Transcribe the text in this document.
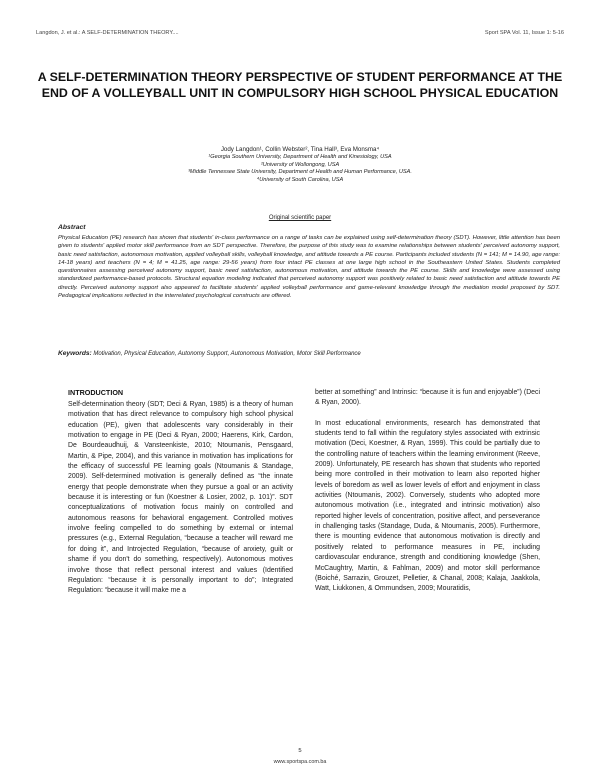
Langdon, J. et al.: A SELF-DETERMINATION THEORY....	Sport SPA Vol. 11, Issue 1: 5-16
A SELF-DETERMINATION THEORY PERSPECTIVE OF STUDENT PERFORMANCE AT THE END OF A VOLLEYBALL UNIT IN COMPULSORY HIGH SCHOOL PHYSICAL EDUCATION
Jody Langdon¹, Collin Webster², Tina Hall³, Eva Monsma⁴
¹Georgia Southern University, Department of Health and Kinesiology, USA
²University of Wollongong, USA
³Middle Tennessee State University, Department of Health and Human Performance, USA.
⁴University of South Carolina, USA
Original scientific paper
Abstract

Physical Education (PE) research has shown that students' in-class performance on a range of tasks can be explained using self-determination theory (SDT). However, little attention has been given to students' applied motor skill performance from an SDT perspective. Therefore, the purpose of this study was to examine relationships between students' perceived autonomy support, basic need satisfaction, autonomous motivation, applied volleyball skills, volleyball knowledge, and attitude towards a PE course. Participants included students (N = 141; M = 14.90, age range: 14-18 years) and teachers (N = 4; M = 41.25, age range: 29-56 years) from four intact PE classes at one large high school in the Southeastern United States. Students completed questionnaires assessing perceived autonomy support, basic need satisfaction, autonomous motivation, and attitude towards the PE course. Skills and knowledge were assessed using standardized performance-based protocols. Structural equation modeling indicated that perceived autonomy support was positively related to basic need satisfaction and attitude towards PE directly. Perceived autonomy support also appeared to facilitate students' applied volleyball performance and game-relevant knowledge through the mediation model proposed by SDT. Pedagogical implications reflected in the interrelated psychological constructs are offered.

Keywords: Motivation, Physical Education, Autonomy Support, Autonomous Motivation, Motor Skill Performance
INTRODUCTION

Self-determination theory (SDT; Deci & Ryan, 1985) is a theory of human motivation that has direct relevance to compulsory high school physical education (PE), given that adolescents vary considerably in their motivation to engage in PE (Deci & Ryan, 2000; Haerens, Kirk, Cardon, De Bourdeaudhuij, & Vansteenkiste, 2010; Ntoumanis, Pensgaard, Martin, & Pipe, 2004), and this variance in motivation has implications for the efficacy of successful PE learning goals (Ntoumanis & Standage, 2009). Self-determined motivation is generally defined as “the innate energy that people demonstrate when they pursue a goal or an activity because it is interesting or fun (Koestner & Losier, 2002, p. 101)”. SDT conceptualizations of motivation focus mainly on controlled and autonomous reasons for behavioral engagement. Controlled motives involve feeling compelled to do something by external or internal pressures (e.g., External Regulation, “because a teacher will reward me for doing it”, and Introjected Regulation, “because of anxiety, guilt or shame if you don't do something, respectively). Autonomous motives involve those that reflect personal interest and values (Identified Regulation: “because it is personally important to do”; Integrated Regulation: “because it will make me a

better at something” and Intrinsic: “because it is fun and enjoyable”) (Deci & Ryan, 2000).

In most educational environments, research has demonstrated that students tend to fall within the regulatory styles associated with extrinsic motivation (Deci, Koestner, & Ryan, 1999). This could be partially due to the controlling nature of teachers within the learning environment (Reeve, 2009). Unfortunately, PE research has shown that students who reported being more controlled in their motivation to learn also reported higher levels of boredom as well as lower levels of effort and enjoyment in class activities (Ntoumanis, 2002). Conversely, students who adopted more autonomous motivation (i.e., integrated and intrinsic motivation) also reported higher levels of concentration, positive affect, and perseverance in challenging tasks (Standage, Duda, & Ntoumanis, 2005). Furthermore, there is mounting evidence that autonomous motivation is directly and positively related to performance measures in PE, including cardiovascular endurance, strength and conditioning knowledge (Shen, McCaughtry, Martin, & Fahlman, 2009) and motor skill performance (Boiché, Sarrazin, Grouzet, Pelletier, & Chanal, 2008; Kalaja, Jaakkola, Watt, Liukkonen, & Ommundsen, 2009; Mouratidis,

5
www.sportspa.com.ba
